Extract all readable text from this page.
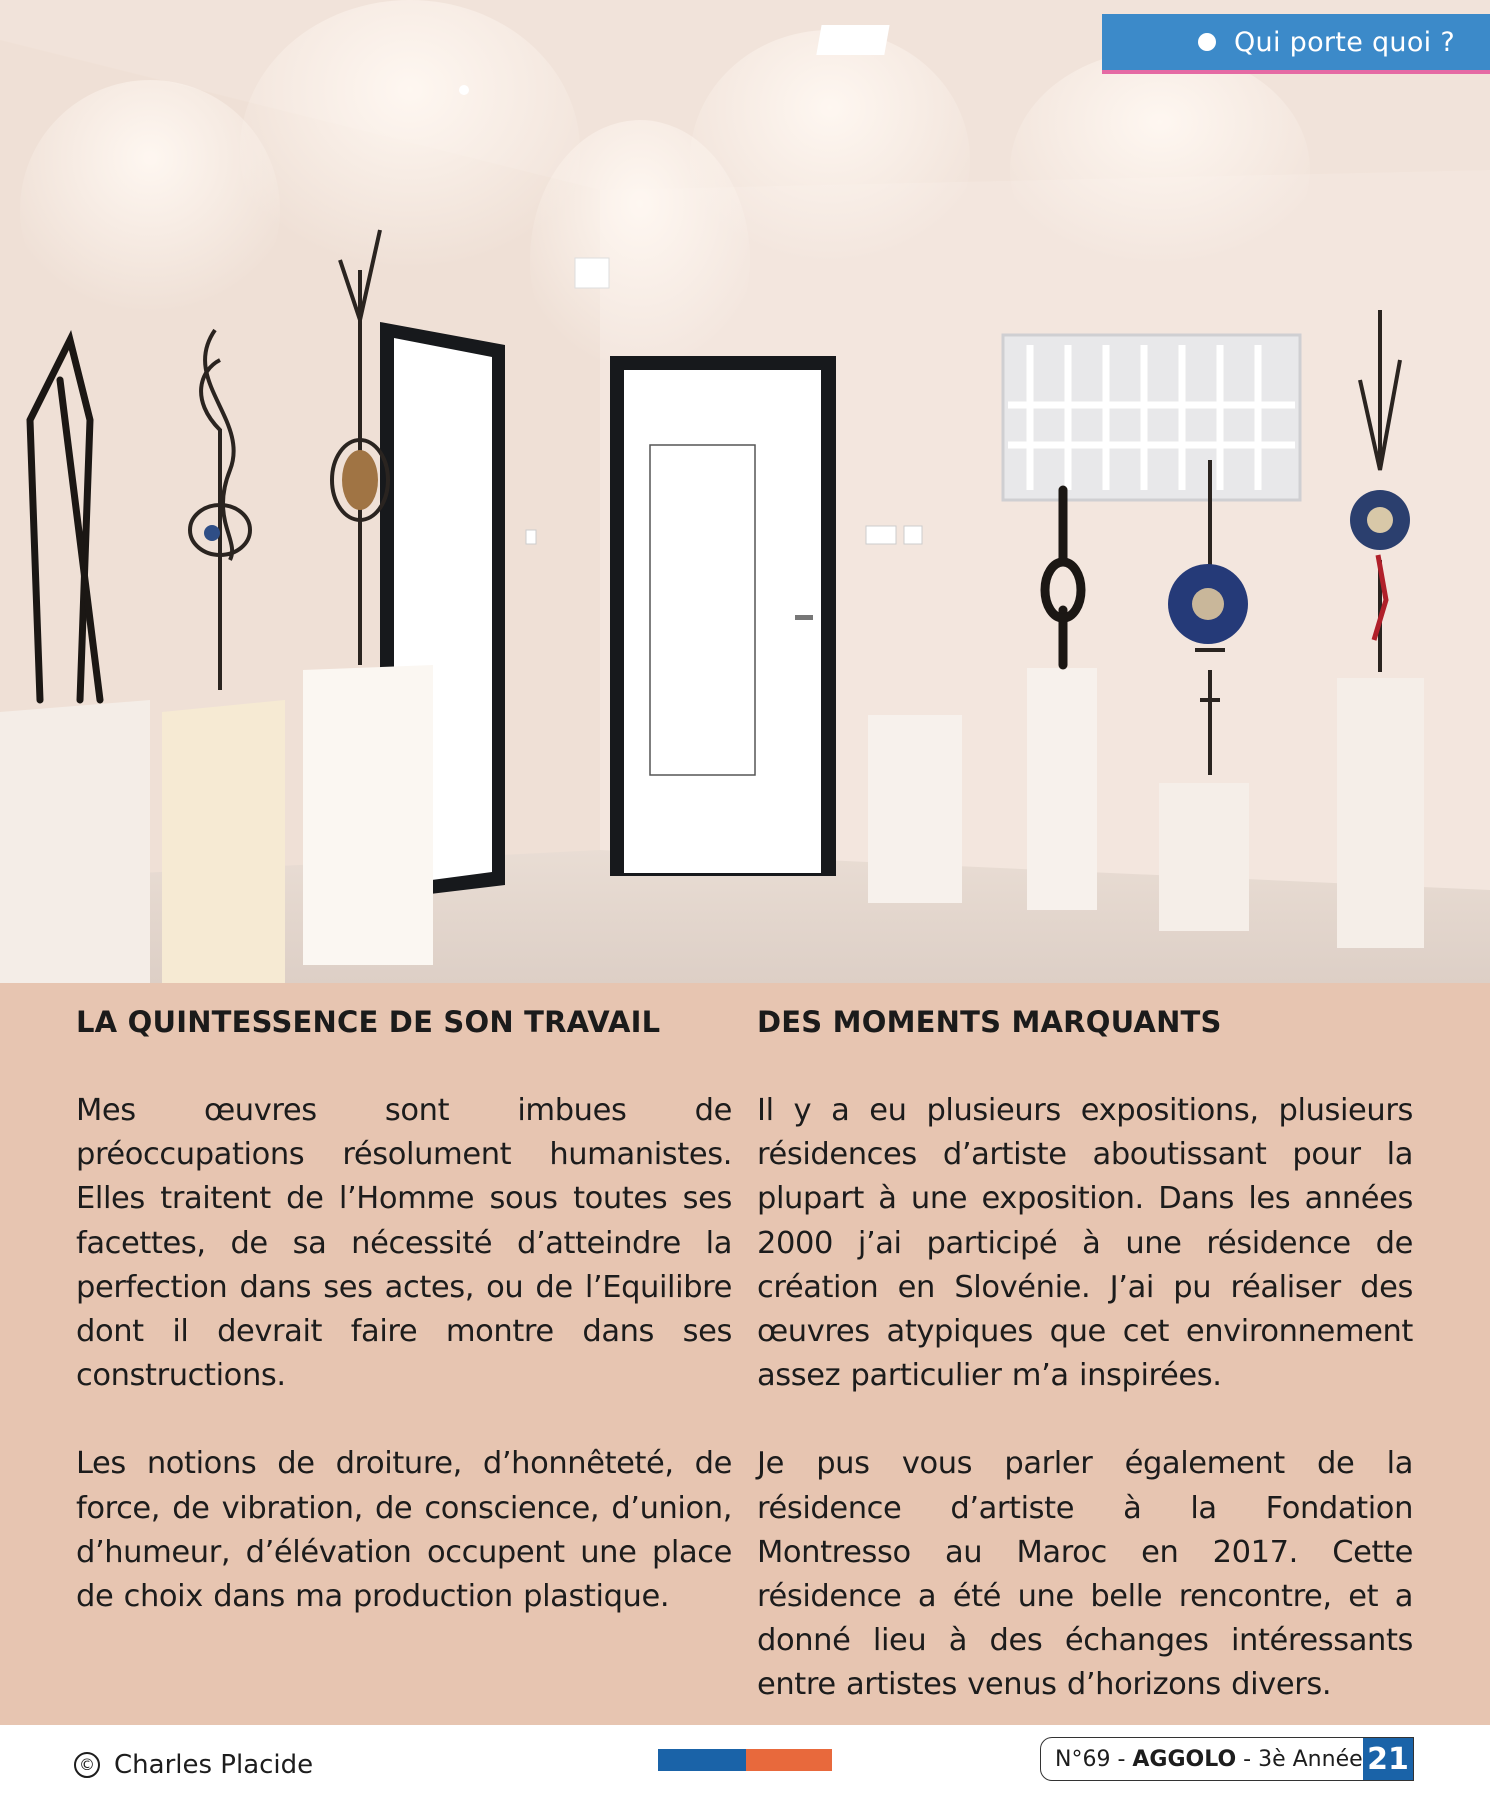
Qui porte quoi ?
LA QUINTESSENCE DE SON TRAVAIL

Mes œuvres sont imbues de préoccupations résolument humanistes. Elles traitent de l’Homme sous toutes ses facettes, de sa nécessité d’atteindre la perfection dans ses actes, ou de l’Equilibre dont il devrait faire montre dans ses constructions.

Les notions de droiture, d’honnêteté, de force, de vibration, de conscience, d’union, d’humeur, d’élévation occupent une place de choix dans ma production plastique.

DES MOMENTS MARQUANTS

Il y a eu plusieurs expositions, plusieurs résidences d’artiste aboutissant pour la plupart à une exposition. Dans les années 2000 j’ai participé à une résidence de création en Slovénie. J’ai pu réaliser des œuvres atypiques que cet environnement assez particulier m’a inspirées.

Je pus vous parler également de la résidence d’artiste à la Fondation Montresso au Maroc en 2017. Cette résidence a été une belle rencontre, et a donné lieu à des échanges intéressants entre artistes venus d’horizons divers.

© Charles Placide	N°69 - AGGOLO - 3è Année 21
